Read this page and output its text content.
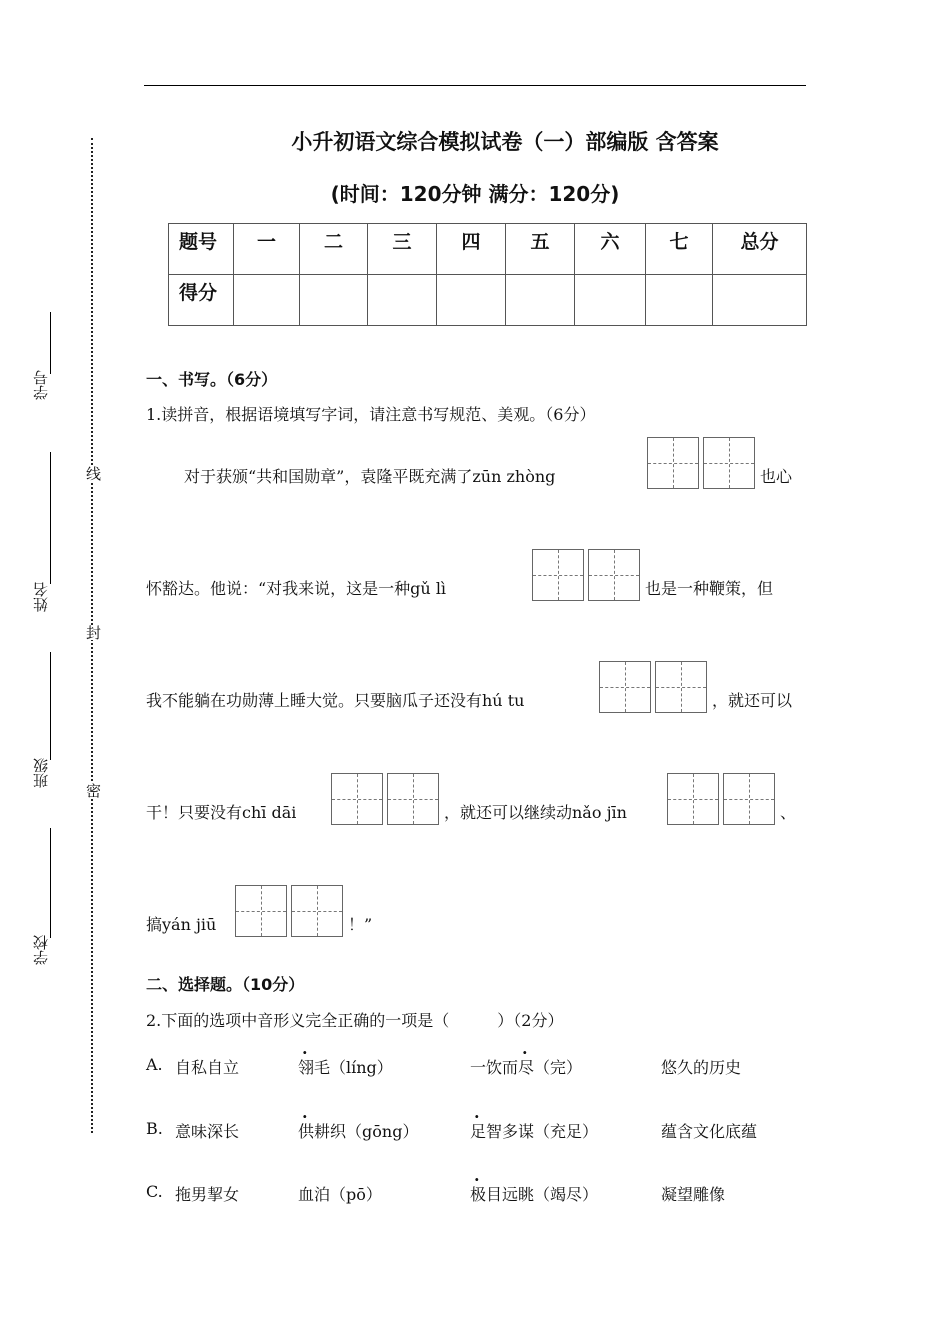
学号
姓名
班级
学校
线
封
密
小升初语文综合模拟试卷（一）部编版 含答案
(时间：120分钟 满分：120分)
题号	一	二	三	四	五	六	七	总分
得分								
一、书写。（6分）
1.读拼音，根据语境填写字词，请注意书写规范、美观。（6分）
对于获颁“共和国勋章”，袁隆平既充满了zūn zhòng	也心
怀豁达。他说：“对我来说，这是一种gǔ lì	也是一种鞭策，但
我不能躺在功勋薄上睡大觉。只要脑瓜子还没有hú tu	，就还可以
干！只要没有chī dāi	，就还可以继续动nǎo jīn	、
搞yán jiū	！”
二、选择题。（10分）
2.下面的选项中音形义完全正确的一项是（　　　）（2分）
A. 自私自立	翎毛（líng）	一饮而尽（完）	悠久的历史
B. 意味深长	供耕织（gōng）	足智多谋（充足）	蕴含文化底蕴
C. 拖男挈女	血泊（pō）	极目远眺（竭尽）	凝望雕像
